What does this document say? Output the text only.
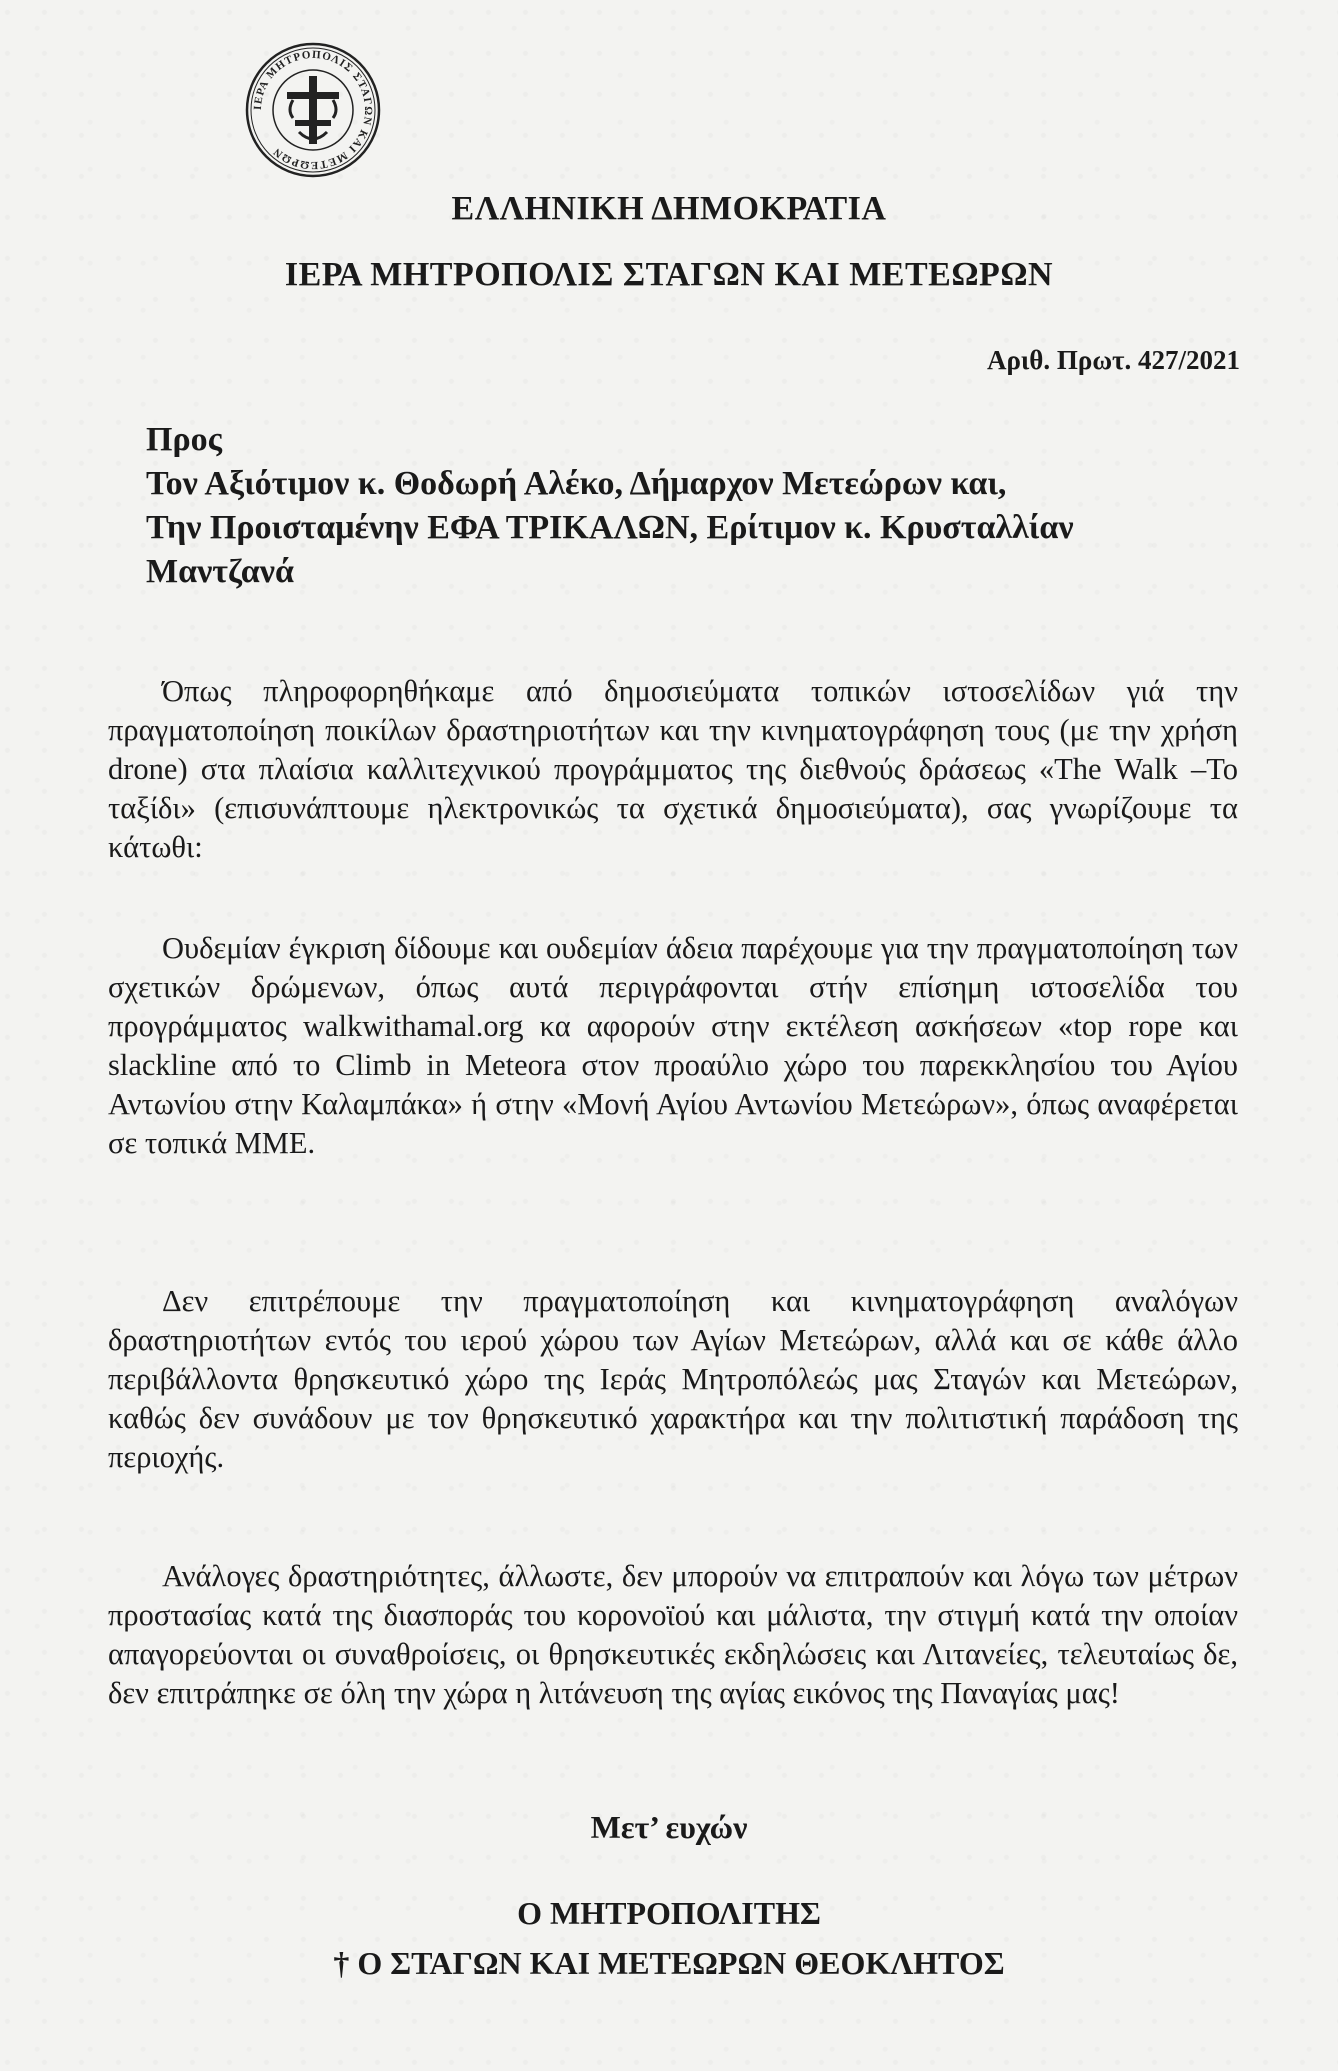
ΙΕΡΑ ΜΗΤΡΟΠΟΛΙΣ ΣΤΑΓΩΝ ΚΑΙ ΜΕΤΕΩΡΩΝ
ΕΛΛΗΝΙΚΗ ΔΗΜΟΚΡΑΤΙΑ
ΙΕΡΑ ΜΗΤΡΟΠΟΛΙΣ ΣΤΑΓΩΝ ΚΑΙ ΜΕΤΕΩΡΩΝ
Αριθ. Πρωτ. 427/2021
Προς
Τον Αξιότιμον κ. Θοδωρή Αλέκο, Δήμαρχον Μετεώρων και,
Την Προισταμένην ΕΦΑ ΤΡΙΚΑΛΩΝ, Ερίτιμον κ. Κρυσταλλίαν
Μαντζανά
Όπως πληροφορηθήκαμε από δημοσιεύματα τοπικών ιστοσελίδων γιά την πραγματοποίηση ποικίλων δραστηριοτήτων και την κινηματογράφηση τους (με την χρήση drone) στα πλαίσια καλλιτεχνικού προγράμματος της διεθνούς δράσεως «The Walk –Το ταξίδι» (επισυνάπτουμε ηλεκτρονικώς τα σχετικά δημοσιεύματα), σας γνωρίζουμε τα κάτωθι:
Ουδεμίαν έγκριση δίδουμε και ουδεμίαν άδεια παρέχουμε για την πραγματοποίηση των σχετικών δρώμενων, όπως αυτά περιγράφονται στήν επίσημη ιστοσελίδα του προγράμματος walkwithamal.org κα αφορούν στην εκτέλεση ασκήσεων «top rope και slackline από το Climb in Meteora στον προαύλιο χώρο του παρεκκλησίου του Αγίου Αντωνίου στην Καλαμπάκα» ή στην «Μονή Αγίου Αντωνίου Μετεώρων», όπως αναφέρεται σε τοπικά ΜΜΕ.
Δεν επιτρέπουμε την πραγματοποίηση και κινηματογράφηση αναλόγων δραστηριοτήτων εντός του ιερού χώρου των Αγίων Μετεώρων, αλλά και σε κάθε άλλο περιβάλλοντα θρησκευτικό χώρο της Ιεράς Μητροπόλεώς μας Σταγών και Μετεώρων, καθώς δεν συνάδουν με τον θρησκευτικό χαρακτήρα και την πολιτιστική παράδοση της περιοχής.
Ανάλογες δραστηριότητες, άλλωστε, δεν μπορούν να επιτραπούν και λόγω των μέτρων προστασίας κατά της διασποράς του κορονοϊού και μάλιστα, την στιγμή κατά την οποίαν απαγορεύονται οι συναθροίσεις, οι θρησκευτικές εκδηλώσεις και Λιτανείες, τελευταίως δε, δεν επιτράπηκε σε όλη την χώρα η λιτάνευση της αγίας εικόνος της Παναγίας μας!
Μετ’ ευχών
Ο ΜΗΤΡΟΠΟΛΙΤΗΣ
† Ο ΣΤΑΓΩΝ ΚΑΙ ΜΕΤΕΩΡΩΝ ΘΕΟΚΛΗΤΟΣ
